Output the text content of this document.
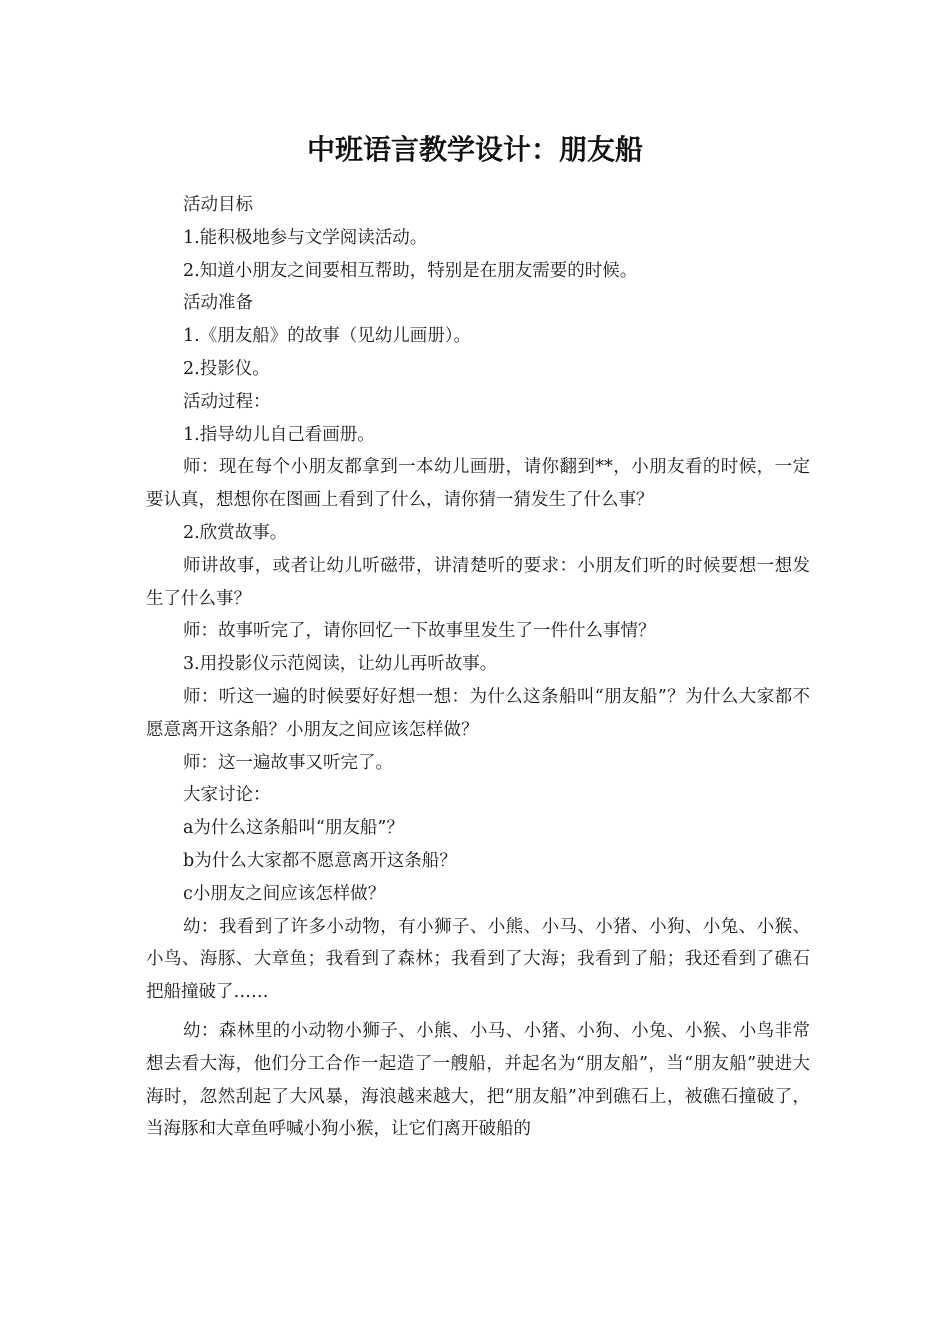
中班语言教学设计：朋友船

活动目标

1.能积极地参与文学阅读活动。

2.知道小朋友之间要相互帮助，特别是在朋友需要的时候。

活动准备

1.《朋友船》的故事（见幼儿画册）。

2.投影仪。

活动过程：

1.指导幼儿自己看画册。

师：现在每个小朋友都拿到一本幼儿画册，请你翻到**，小朋友看的时候，一定要认真，想想你在图画上看到了什么，请你猜一猜发生了什么事？

2.欣赏故事。

师讲故事，或者让幼儿听磁带，讲清楚听的要求：小朋友们听的时候要想一想发生了什么事？

师：故事听完了，请你回忆一下故事里发生了一件什么事情？

3.用投影仪示范阅读，让幼儿再听故事。

师：听这一遍的时候要好好想一想：为什么这条船叫“朋友船”？为什么大家都不愿意离开这条船？小朋友之间应该怎样做？

师：这一遍故事又听完了。

大家讨论：

a为什么这条船叫“朋友船”？

b为什么大家都不愿意离开这条船？

c小朋友之间应该怎样做？

幼：我看到了许多小动物，有小狮子、小熊、小马、小猪、小狗、小兔、小猴、小鸟、海豚、大章鱼；我看到了森林；我看到了大海；我看到了船；我还看到了礁石把船撞破了……

幼：森林里的小动物小狮子、小熊、小马、小猪、小狗、小兔、小猴、小鸟非常想去看大海，他们分工合作一起造了一艘船，并起名为“朋友船”，当“朋友船”驶进大海时，忽然刮起了大风暴，海浪越来越大，把“朋友船”冲到礁石上，被礁石撞破了，当海豚和大章鱼呼喊小狗小猴，让它们离开破船的
